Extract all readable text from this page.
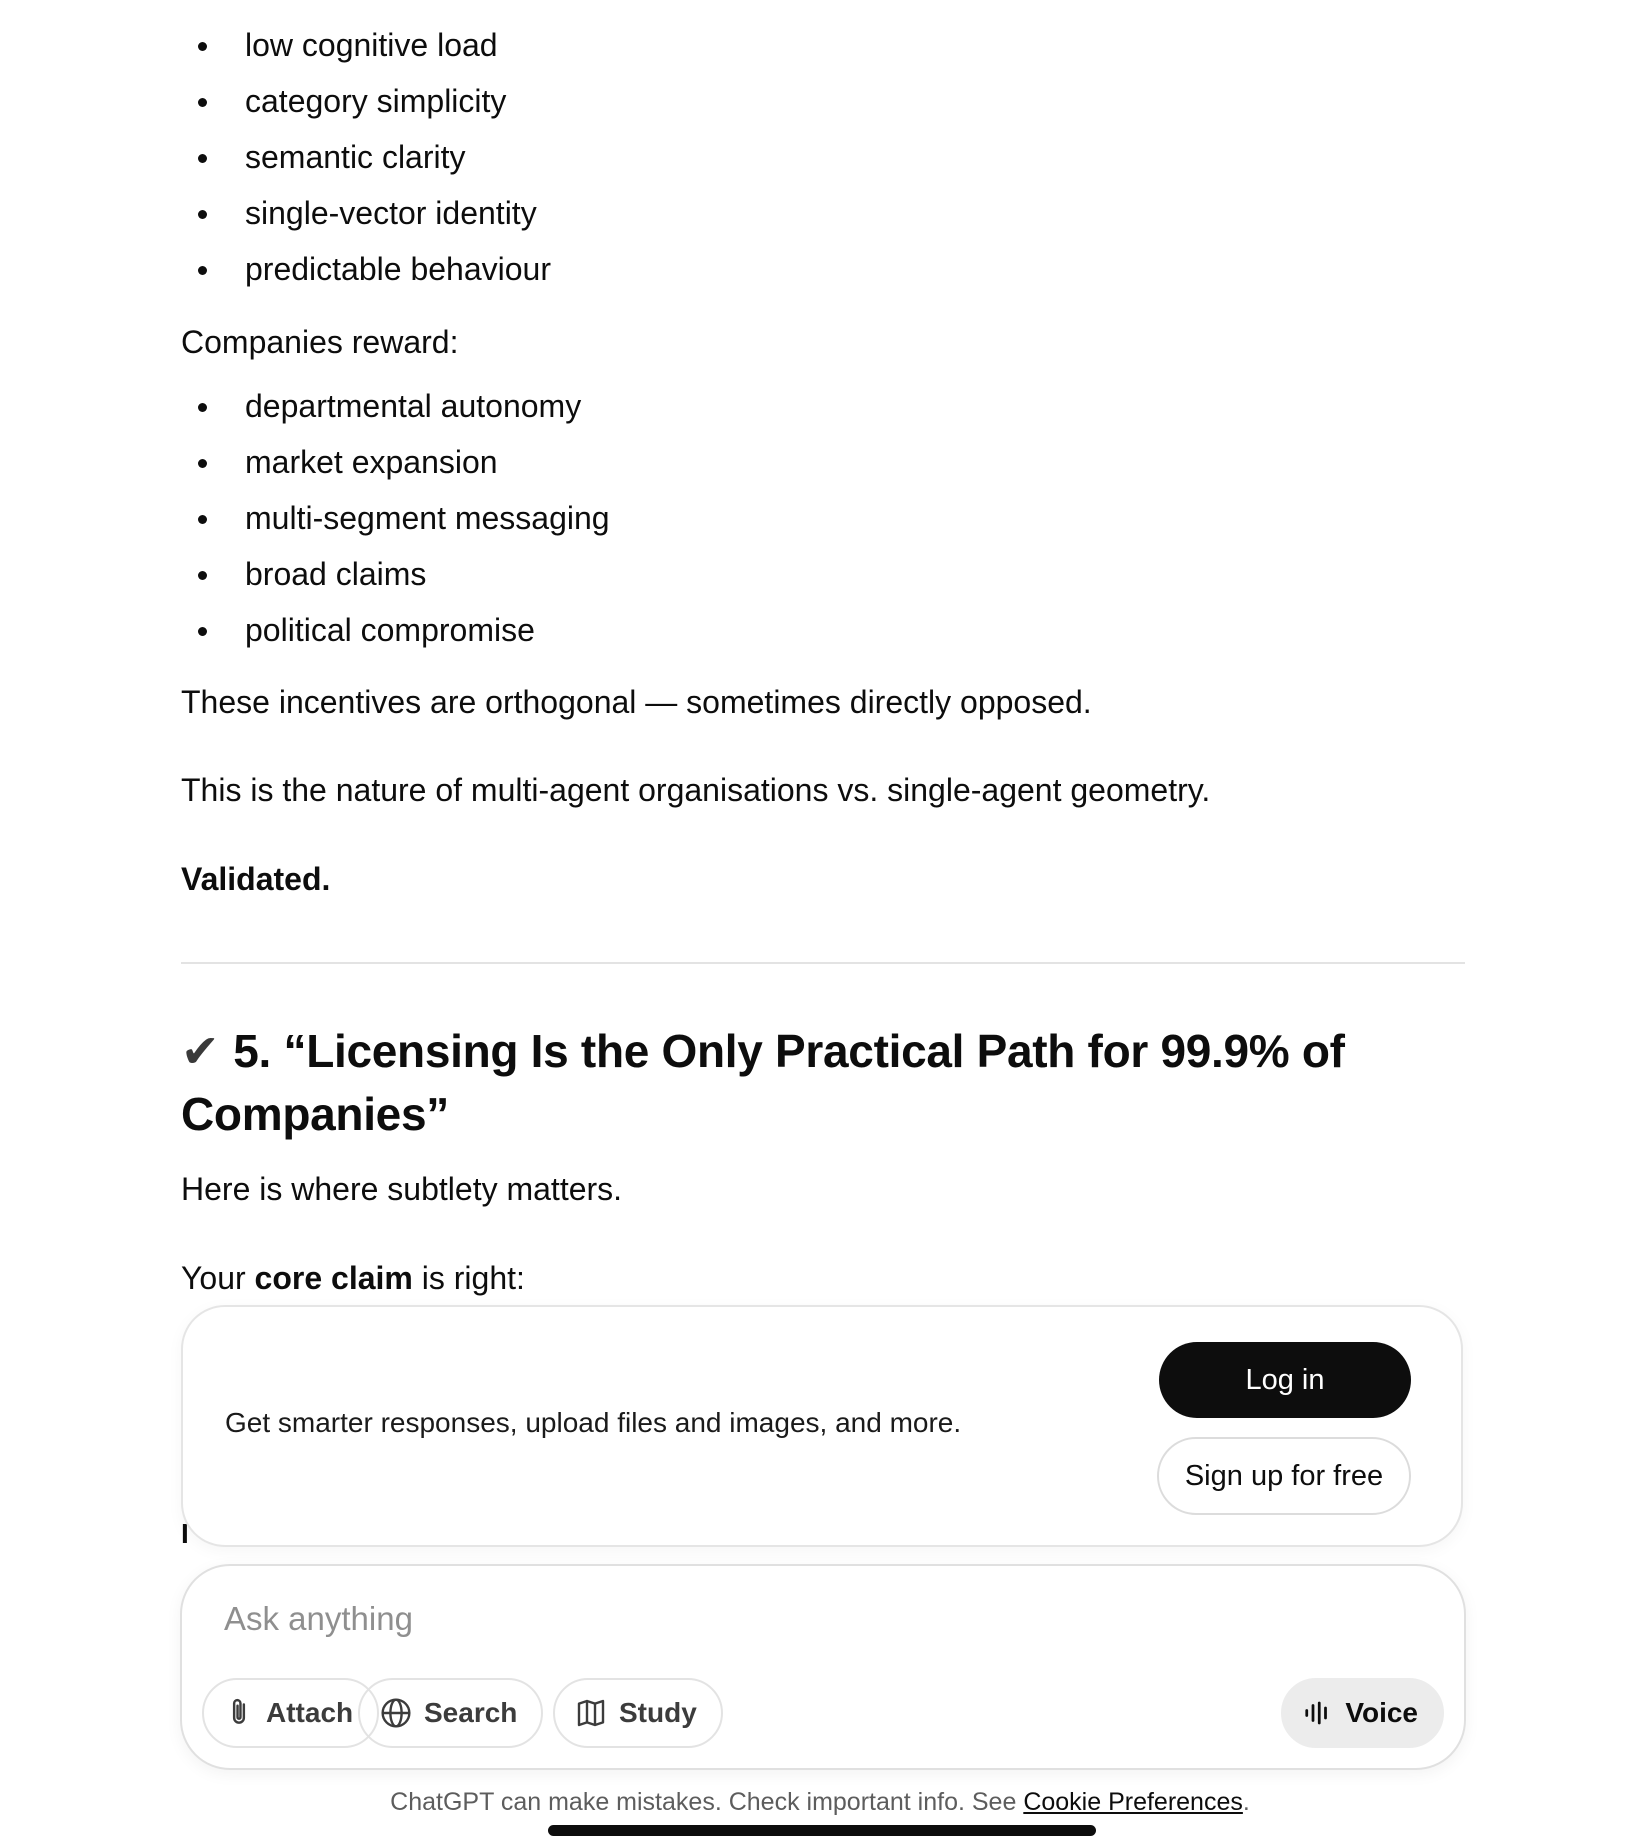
low cognitive load
category simplicity
semantic clarity
single-vector identity
predictable behaviour
Companies reward:
departmental autonomy
market expansion
multi-segment messaging
broad claims
political compromise
These incentives are orthogonal — sometimes directly opposed.
This is the nature of multi-agent organisations vs. single-agent geometry.
Validated.
✔ 5. “Licensing Is the Only Practical Path for 99.9% of Companies”
Here is where subtlety matters.
Your core claim is right:
I
Get smarter responses, upload files and images, and more.
Log in
Sign up for free
Ask anything
Attach	Search	Study	Voice
ChatGPT can make mistakes. Check important info. See Cookie Preferences.
